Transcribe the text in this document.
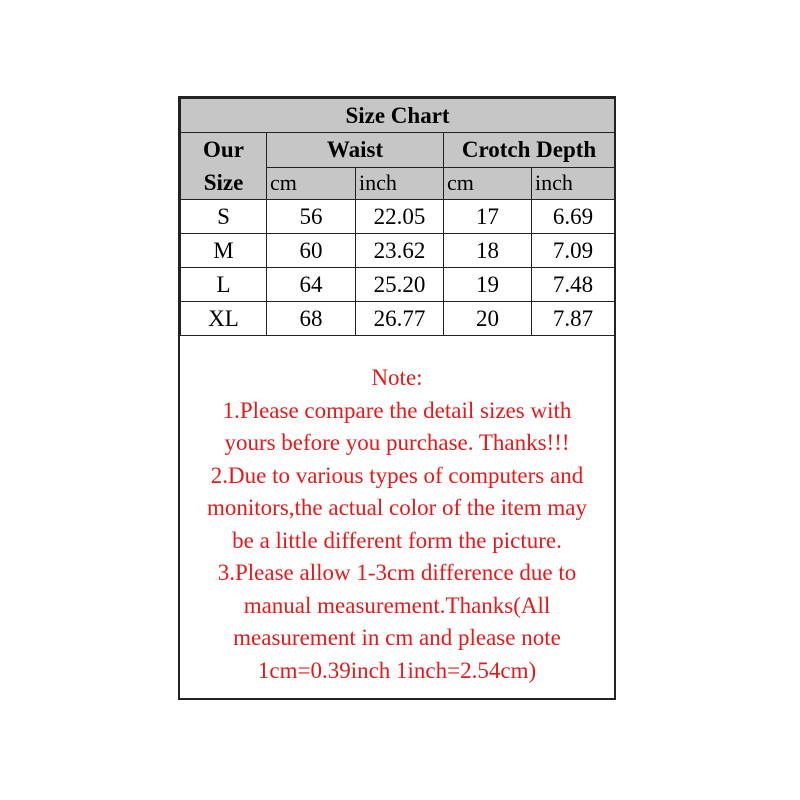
Size Chart				
Our
Size	Waist		Crotch Depth	
	cm	inch	cm	inch
S	56	22.05	17	6.69
M	60	23.62	18	7.09
L	64	25.20	19	7.48
XL	68	26.77	20	7.87
Note:
1.Please compare the detail sizes with
yours before you purchase. Thanks!!!
2.Due to various types of computers and
monitors,the actual color of the item may
be a little different form the picture.
3.Please allow 1-3cm difference due to
manual measurement.Thanks(All
measurement in cm and please note
1cm=0.39inch 1inch=2.54cm)
